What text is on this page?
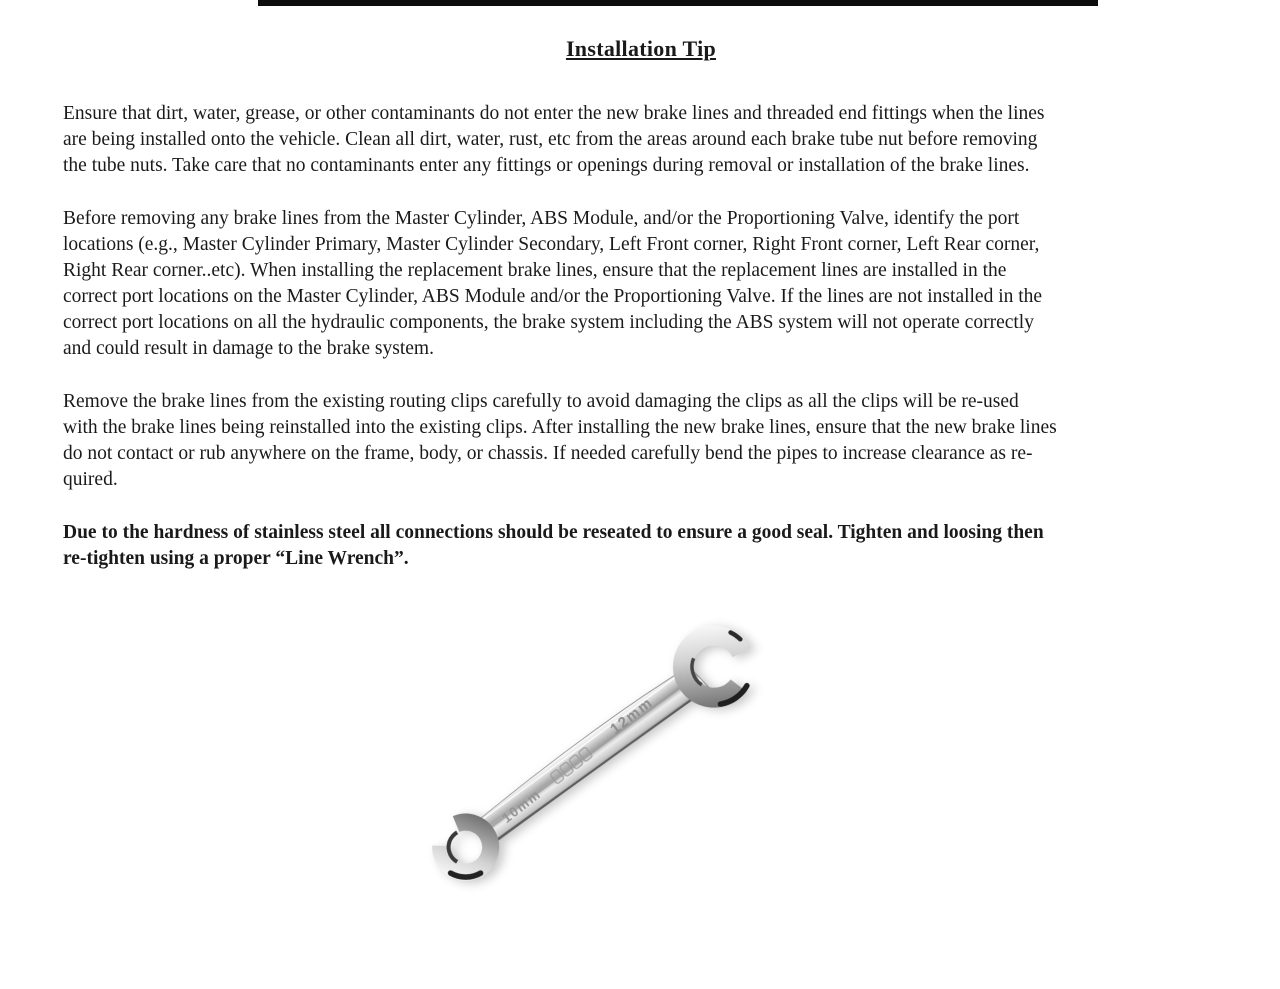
Installation Tip
Ensure that dirt, water, grease, or other contaminants do not enter the new brake lines and threaded end fittings when the lines
are being installed onto the vehicle. Clean all dirt, water, rust, etc from the areas around each brake tube nut before removing
the tube nuts. Take care that no contaminants enter any fittings or openings during removal or installation of the brake lines.
Before removing any brake lines from the Master Cylinder, ABS Module, and/or the Proportioning Valve, identify the port
locations (e.g., Master Cylinder Primary, Master Cylinder Secondary, Left Front corner, Right Front corner, Left Rear corner,
Right Rear corner..etc). When installing the replacement brake lines, ensure that the replacement lines are installed in the
correct port locations on the Master Cylinder, ABS Module and/or the Proportioning Valve. If the lines are not installed in the
correct port locations on all the hydraulic components, the brake system including the ABS system will not operate correctly
and could result in damage to the brake system.
Remove the brake lines from the existing routing clips carefully to avoid damaging the clips as all the clips will be re-used
with the brake lines being reinstalled into the existing clips. After installing the new brake lines, ensure that the new brake lines
do not contact or rub anywhere on the frame, body, or chassis. If needed carefully bend the pipes to increase clearance as re-
quired.
Due to the hardness of stainless steel all connections should be reseated to ensure a good seal. Tighten and loosing then
re-tighten using a proper “Line Wrench”.
12mm
10mm
